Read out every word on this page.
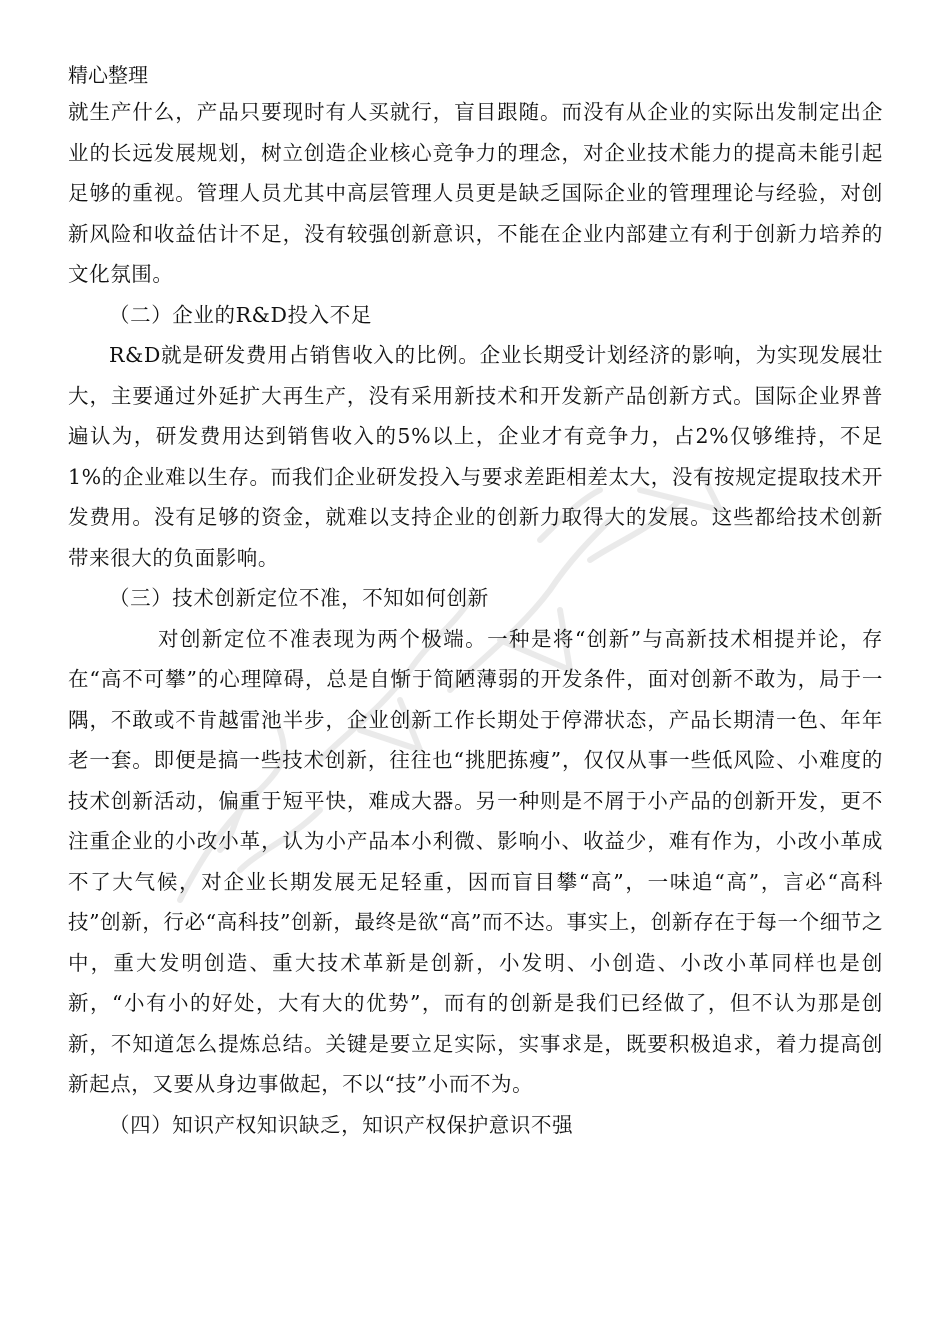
精心整理

就生产什么，产品只要现时有人买就行，盲目跟随。而没有从企业的实际出发制定出企业的长远发展规划，树立创造企业核心竞争力的理念，对企业技术能力的提高未能引起足够的重视。管理人员尤其中高层管理人员更是缺乏国际企业的管理理论与经验，对创新风险和收益估计不足，没有较强创新意识，不能在企业内部建立有利于创新力培养的文化氛围。

（二）企业的R&D投入不足

R&D就是研发费用占销售收入的比例。企业长期受计划经济的影响，为实现发展壮大，主要通过外延扩大再生产，没有采用新技术和开发新产品创新方式。国际企业界普遍认为，研发费用达到销售收入的5%以上，企业才有竞争力，占2%仅够维持，不足1%的企业难以生存。而我们企业研发投入与要求差距相差太大，没有按规定提取技术开发费用。没有足够的资金，就难以支持企业的创新力取得大的发展。这些都给技术创新带来很大的负面影响。

（三）技术创新定位不准，不知如何创新

对创新定位不准表现为两个极端。一种是将“创新”与高新技术相提并论，存在“高不可攀”的心理障碍，总是自惭于简陋薄弱的开发条件，面对创新不敢为，局于一隅，不敢或不肯越雷池半步，企业创新工作长期处于停滞状态，产品长期清一色、年年老一套。即便是搞一些技术创新，往往也“挑肥拣瘦”，仅仅从事一些低风险、小难度的技术创新活动，偏重于短平快，难成大器。另一种则是不屑于小产品的创新开发，更不注重企业的小改小革，认为小产品本小利微、影响小、收益少，难有作为，小改小革成不了大气候，对企业长期发展无足轻重，因而盲目攀“高”，一味追“高”，言必“高科技”创新，行必“高科技”创新，最终是欲“高”而不达。事实上，创新存在于每一个细节之中，重大发明创造、重大技术革新是创新，小发明、小创造、小改小革同样也是创新，“小有小的好处，大有大的优势”，而有的创新是我们已经做了，但不认为那是创新，不知道怎么提炼总结。关键是要立足实际，实事求是，既要积极追求，着力提高创新起点，又要从身边事做起，不以“技”小而不为。

（四）知识产权知识缺乏，知识产权保护意识不强
